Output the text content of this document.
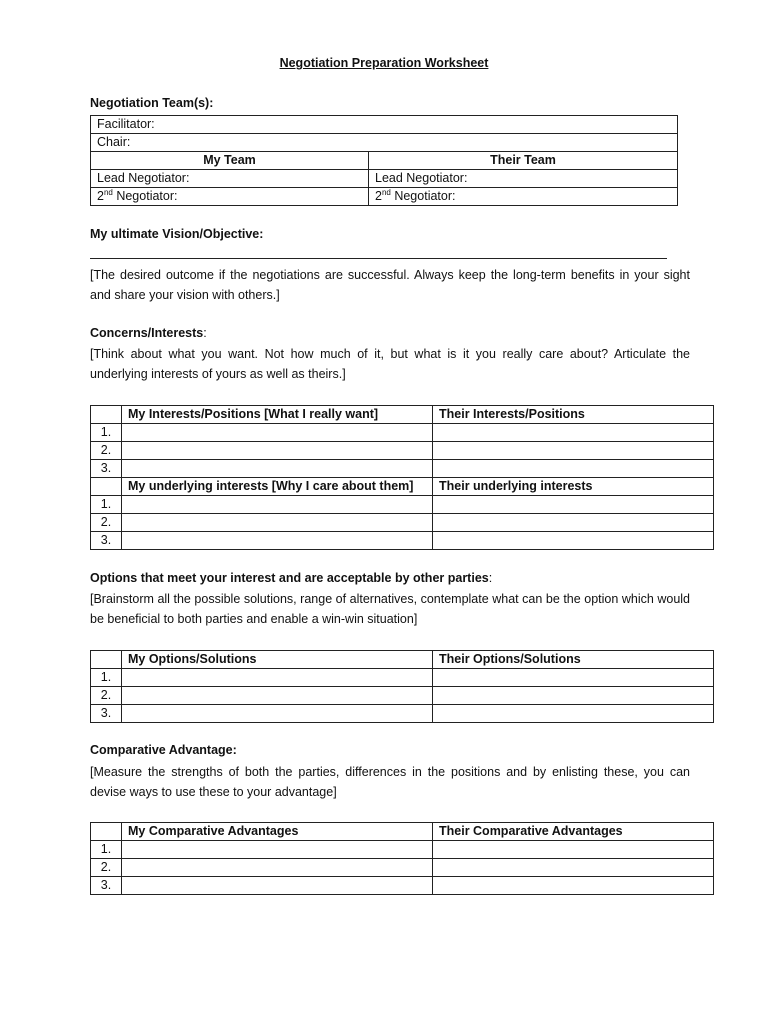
Negotiation Preparation Worksheet
Negotiation Team(s):
Facilitator:	
Chair:	
My Team	Their Team
Lead Negotiator:	Lead Negotiator:
2nd Negotiator:	2nd Negotiator:
My ultimate Vision/Objective:
[The desired outcome if the negotiations are successful. Always keep the long-term benefits in your sight and share your vision with others.]
Concerns/Interests:
[Think about what you want. Not how much of it, but what is it you really care about? Articulate the underlying interests of yours as well as theirs.]
	My Interests/Positions [What I really want]	Their Interests/Positions
1.		
2.		
3.		
	My underlying interests [Why I care about them]	Their underlying interests
1.		
2.		
3.		
Options that meet your interest and are acceptable by other parties:
[Brainstorm all the possible solutions, range of alternatives, contemplate what can be the option which would be beneficial to both parties and enable a win-win situation]
	My Options/Solutions	Their Options/Solutions
1.		
2.		
3.		
Comparative Advantage:
[Measure the strengths of both the parties, differences in the positions and by enlisting these, you can devise ways to use these to your advantage]
	My Comparative Advantages	Their Comparative Advantages
1.		
2.		
3.		
